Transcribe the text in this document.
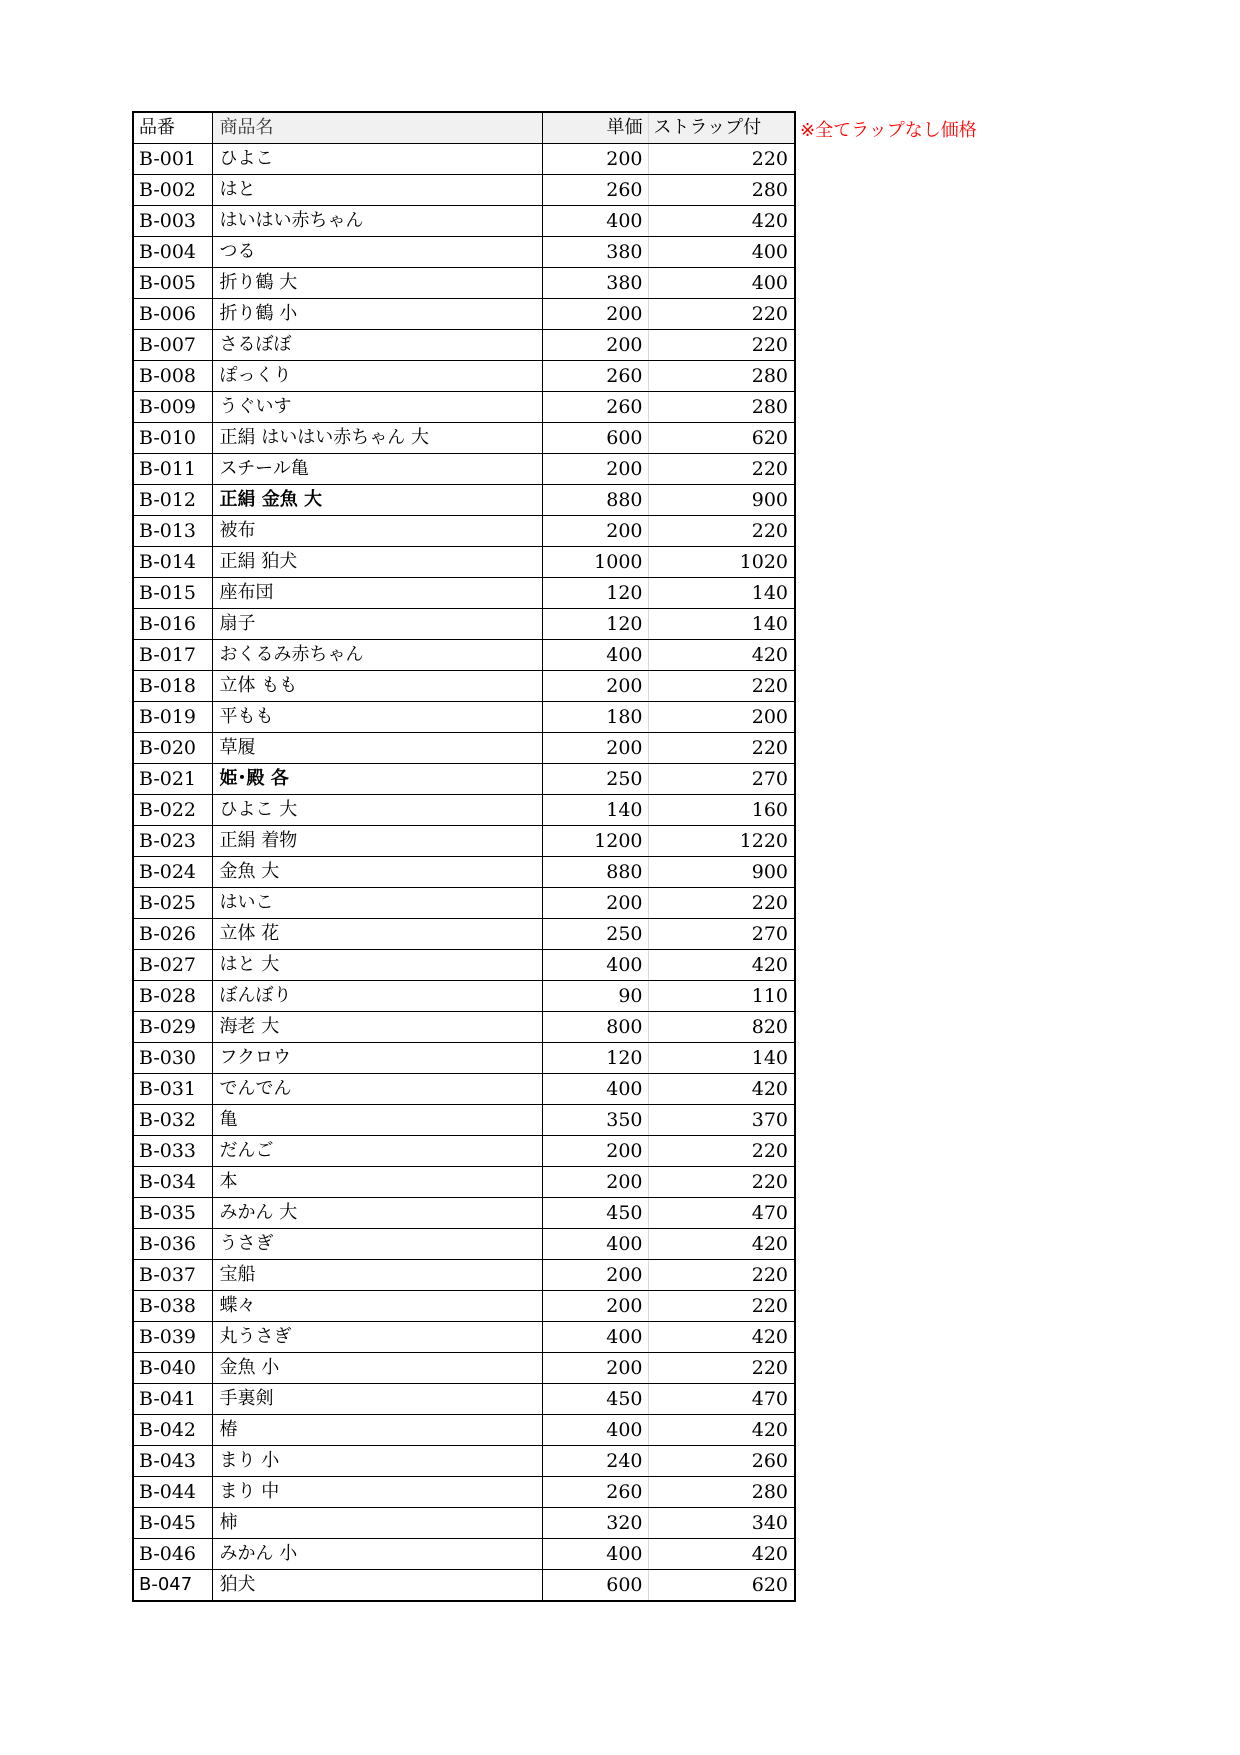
品番	商品名	単価	ストラップ付
B-001	ひよこ	200	220
B-002	はと	260	280
B-003	はいはい赤ちゃん	400	420
B-004	つる	380	400
B-005	折り鶴 大	380	400
B-006	折り鶴 小	200	220
B-007	さるぼぼ	200	220
B-008	ぽっくり	260	280
B-009	うぐいす	260	280
B-010	正絹 はいはい赤ちゃん 大	600	620
B-011	スチール亀	200	220
B-012	正絹 金魚 大	880	900
B-013	被布	200	220
B-014	正絹 狛犬	1000	1020
B-015	座布団	120	140
B-016	扇子	120	140
B-017	おくるみ赤ちゃん	400	420
B-018	立体 もも	200	220
B-019	平もも	180	200
B-020	草履	200	220
B-021	姫･殿 各	250	270
B-022	ひよこ 大	140	160
B-023	正絹 着物	1200	1220
B-024	金魚 大	880	900
B-025	はいこ	200	220
B-026	立体 花	250	270
B-027	はと 大	400	420
B-028	ぼんぼり	90	110
B-029	海老 大	800	820
B-030	フクロウ	120	140
B-031	でんでん	400	420
B-032	亀	350	370
B-033	だんご	200	220
B-034	本	200	220
B-035	みかん 大	450	470
B-036	うさぎ	400	420
B-037	宝船	200	220
B-038	蝶々	200	220
B-039	丸うさぎ	400	420
B-040	金魚 小	200	220
B-041	手裏剣	450	470
B-042	椿	400	420
B-043	まり 小	240	260
B-044	まり 中	260	280
B-045	柿	320	340
B-046	みかん 小	400	420
B-047	狛犬	600	620
※全てラップなし価格
